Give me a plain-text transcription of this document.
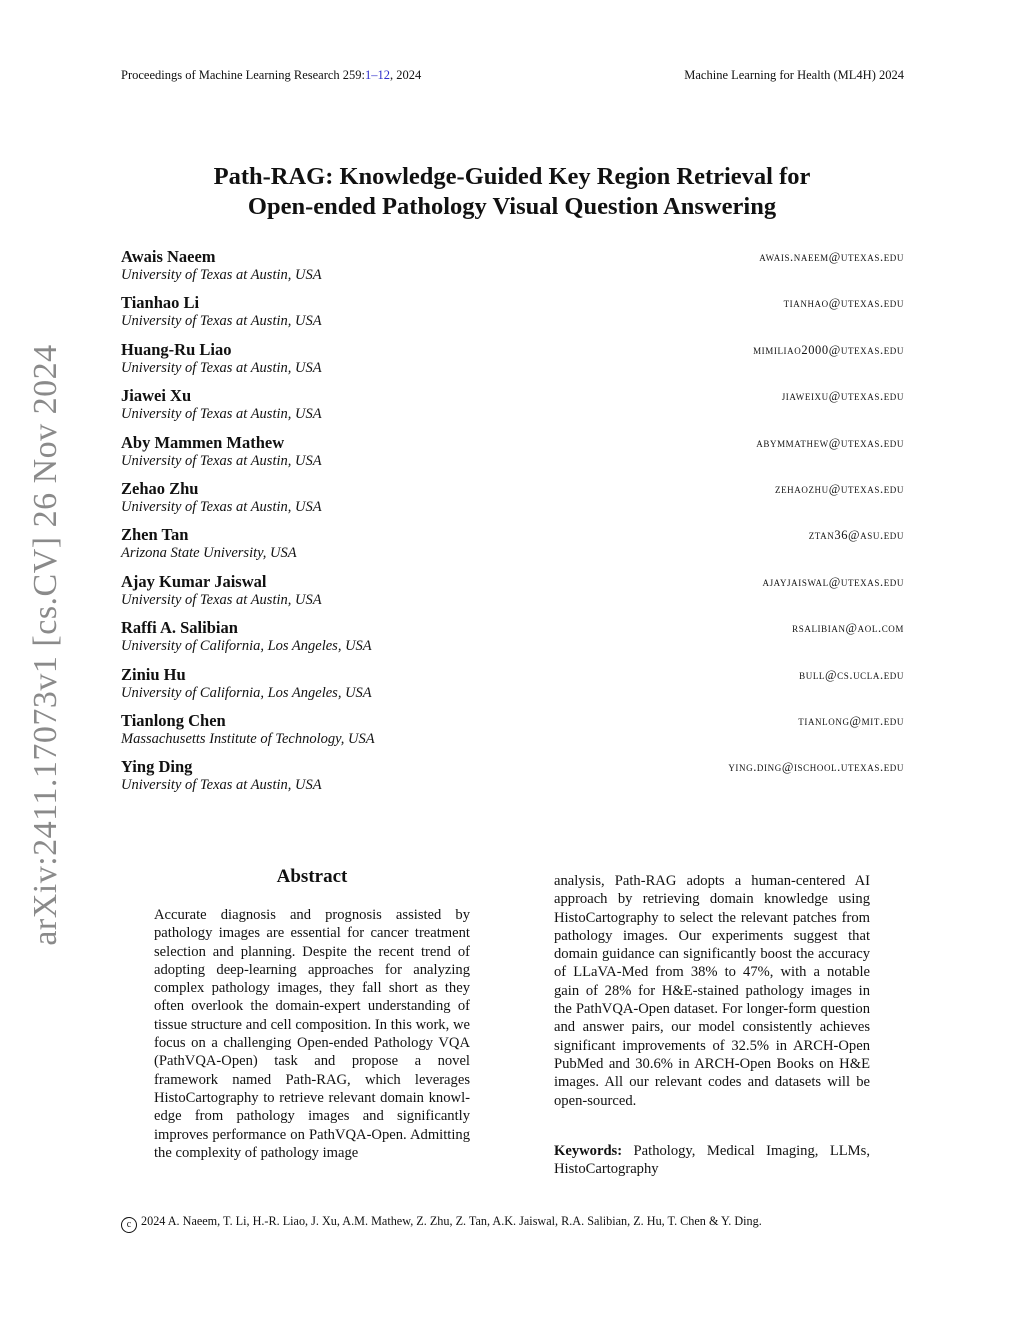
Proceedings of Machine Learning Research 259:1–12, 2024	Machine Learning for Health (ML4H) 2024
arXiv:2411.17073v1 [cs.CV] 26 Nov 2024
Path-RAG: Knowledge-Guided Key Region Retrieval for
Open-ended Pathology Visual Question Answering
Awais Naeem	awais.naeem@utexas.edu
University of Texas at Austin, USA
Tianhao Li	tianhao@utexas.edu
University of Texas at Austin, USA
Huang-Ru Liao	mimiliao2000@utexas.edu
University of Texas at Austin, USA
Jiawei Xu	jiaweixu@utexas.edu
University of Texas at Austin, USA
Aby Mammen Mathew	abymmathew@utexas.edu
University of Texas at Austin, USA
Zehao Zhu	zehaozhu@utexas.edu
University of Texas at Austin, USA
Zhen Tan	ztan36@asu.edu
Arizona State University, USA
Ajay Kumar Jaiswal	ajayjaiswal@utexas.edu
University of Texas at Austin, USA
Raffi A. Salibian	rsalibian@aol.com
University of California, Los Angeles, USA
Ziniu Hu	bull@cs.ucla.edu
University of California, Los Angeles, USA
Tianlong Chen	tianlong@mit.edu
Massachusetts Institute of Technology, USA
Ying Ding	ying.ding@ischool.utexas.edu
University of Texas at Austin, USA
Abstract

Accurate diagnosis and prognosis assisted by pathology images are essential for cancer treatment selection and planning. Despite the recent trend of adopting deep-learning approaches for analyzing complex pathology images, they fall short as they often overlook the domain-expert understanding of tissue structure and cell composition. In this work, we focus on a challenging Open-ended Pathology VQA (PathVQA-Open) task and propose a novel framework named Path-RAG, which leverages HistoCartography to retrieve relevant domain knowledge from pathology images and significantly improves performance on PathVQA-Open. Admitting the complexity of pathology image

analysis, Path-RAG adopts a human-centered AI approach by retrieving domain knowledge using HistoCartography to select the relevant patches from pathology images. Our experiments suggest that domain guidance can significantly boost the accuracy of LLaVA-Med from 38% to 47%, with a notable gain of 28% for H&E-stained pathology images in the PathVQA-Open dataset. For longer-form question and answer pairs, our model consistently achieves significant improvements of 32.5% in ARCH-Open PubMed and 30.6% in ARCH-Open Books on H&E images. All our relevant codes and datasets will be open-sourced.

Keywords: Pathology, Medical Imaging, LLMs, HistoCartography
c 2024 A. Naeem, T. Li, H.-R. Liao, J. Xu, A.M. Mathew, Z. Zhu, Z. Tan, A.K. Jaiswal, R.A. Salibian, Z. Hu, T. Chen & Y. Ding.
